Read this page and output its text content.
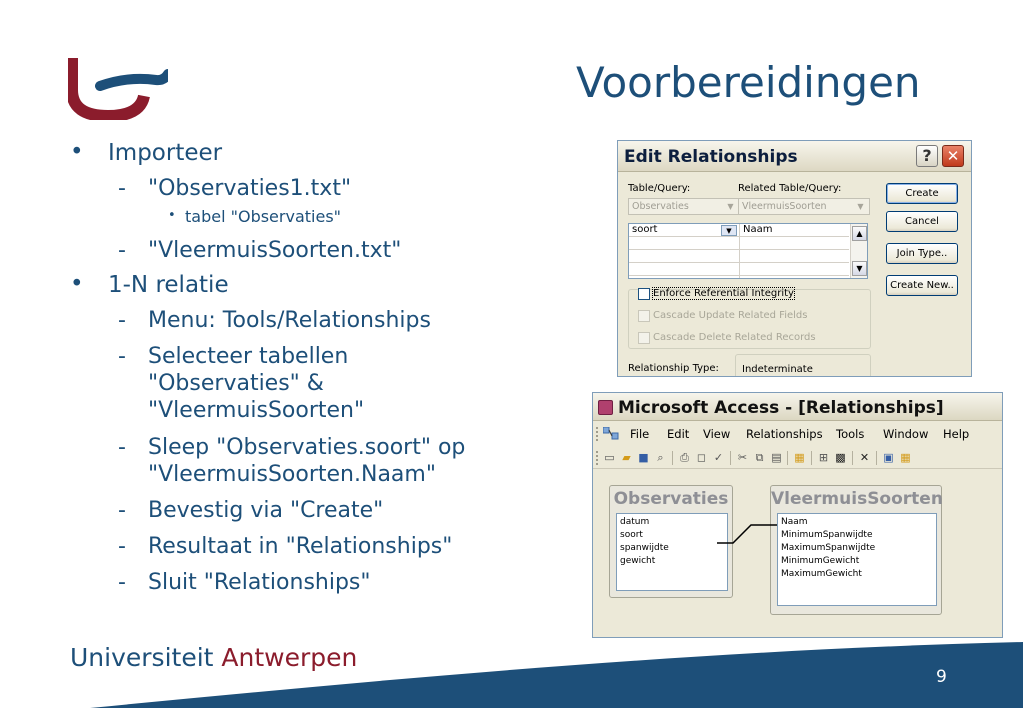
Voorbereidingen
• Importeer
- "Observaties1.txt"
• tabel "Observaties"
- "VleermuisSoorten.txt"
• 1-N relatie
- Menu: Tools/Relationships
- Selecteer tabellen
"Observaties" &
"VleermuisSoorten"
- Sleep "Observaties.soort" op
"VleermuisSoorten.Naam"
- Bevestig via "Create"
- Resultaat in "Relationships"
- Sluit "Relationships"
Edit Relationships	?	✕
Table/Query:	Related Table/Query:
Observaties	▼ VleermuisSoorten	▼
soort	▼	Naam	▲
▼
Enforce Referential Integrity
Cascade Update Related Fields
Cascade Delete Related Records
Relationship Type:	Indeterminate
Create
Cancel
Join Type..
Create New..
Microsoft Access - [Relationships]
File Edit View Relationships Tools Window Help
▭ ▰ ■ ⌕	⎙ ◻ ✓ ✂ ⧉ ▤ ▦ ⊞ ▩ ✕ ▣ ▦
Observaties
datum
soort
spanwijdte
gewicht
VleermuisSoorten
Naam
MinimumSpanwijdte
MaximumSpanwijdte
MinimumGewicht
MaximumGewicht
Universiteit Antwerpen
9
